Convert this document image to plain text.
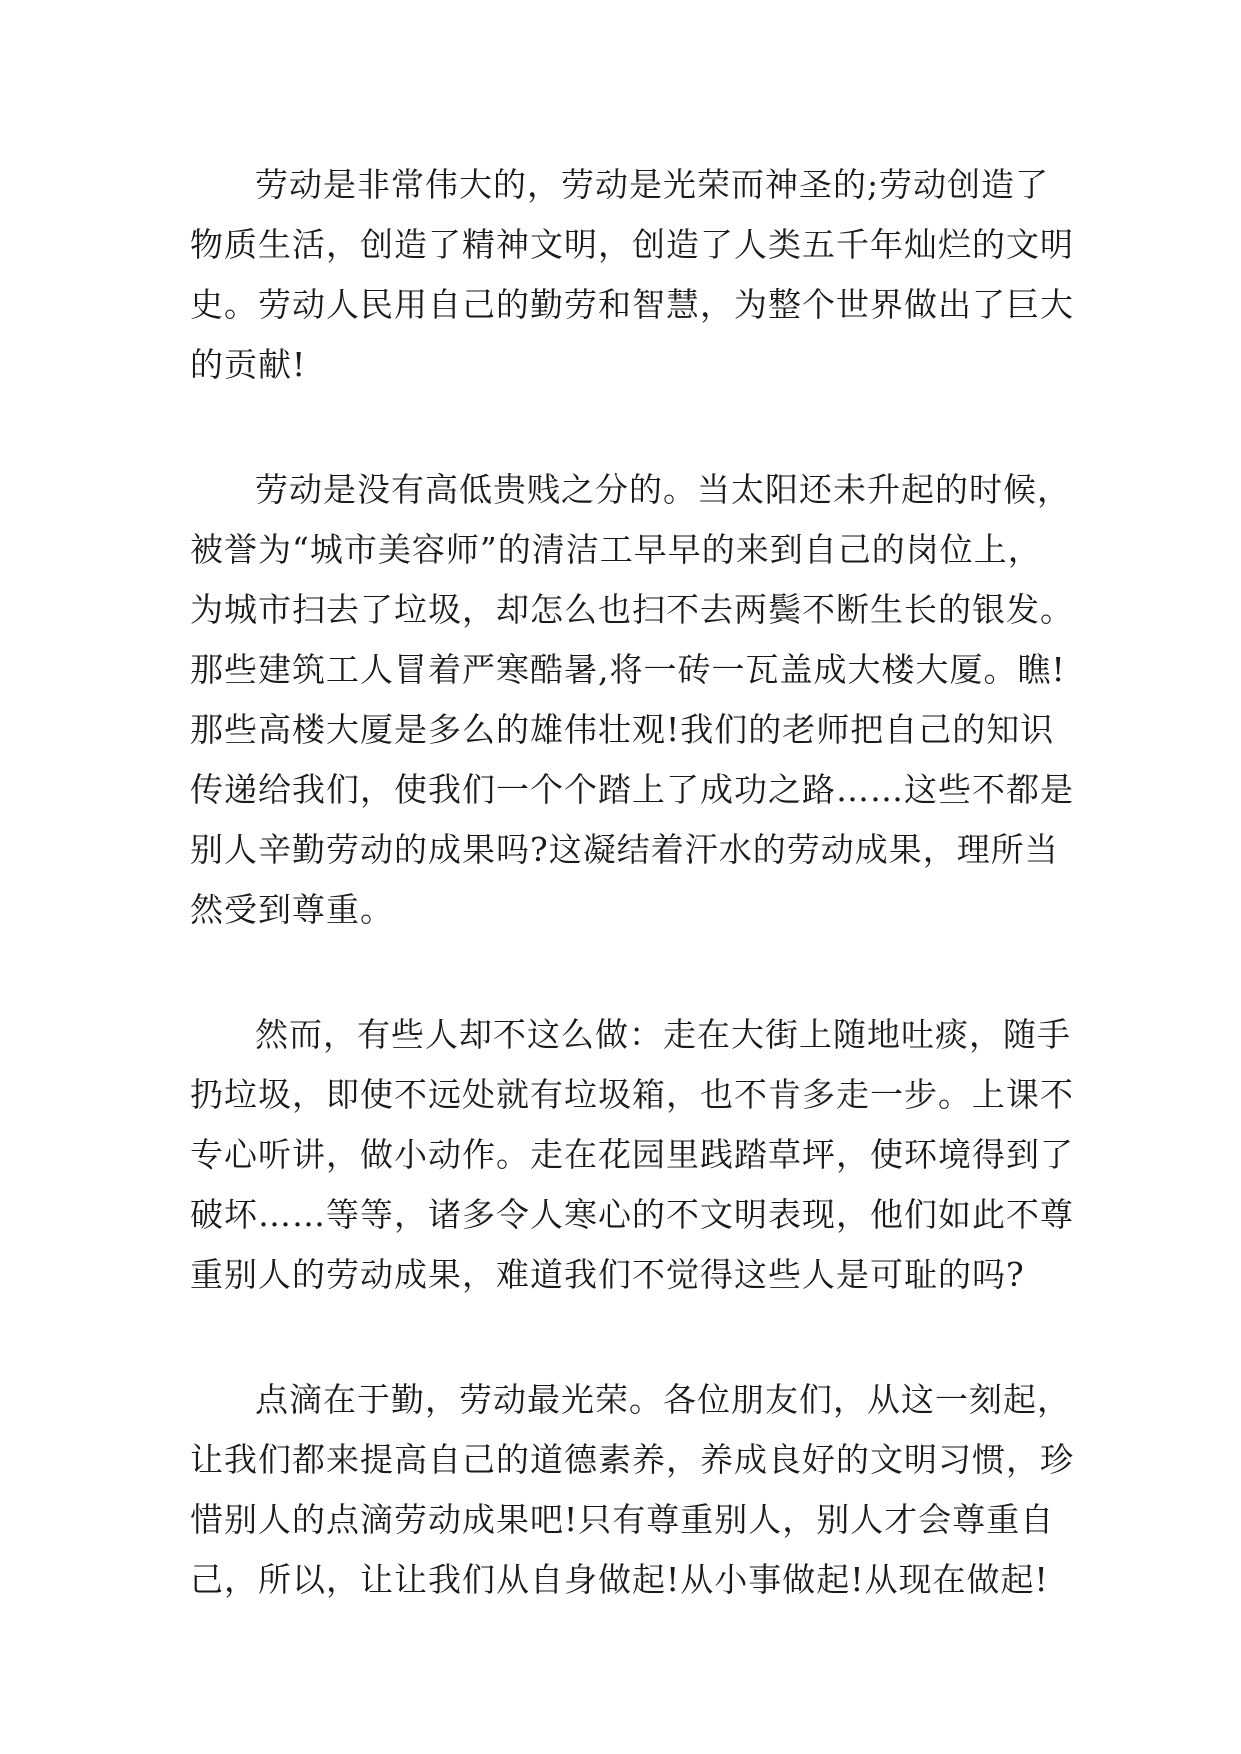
劳动是非常伟大的，劳动是光荣而神圣的;劳动创造了
物质生活，创造了精神文明，创造了人类五千年灿烂的文明
史。劳动人民用自己的勤劳和智慧，为整个世界做出了巨大
的贡献!
劳动是没有高低贵贱之分的。当太阳还未升起的时候，
被誉为“城市美容师”的清洁工早早的来到自己的岗位上，
为城市扫去了垃圾，却怎么也扫不去两鬓不断生长的银发。
那些建筑工人冒着严寒酷暑,将一砖一瓦盖成大楼大厦。瞧!
那些高楼大厦是多么的雄伟壮观!我们的老师把自己的知识
传递给我们，使我们一个个踏上了成功之路……这些不都是
别人辛勤劳动的成果吗?这凝结着汗水的劳动成果，理所当
然受到尊重。
然而，有些人却不这么做：走在大街上随地吐痰，随手
扔垃圾，即使不远处就有垃圾箱，也不肯多走一步。上课不
专心听讲，做小动作。走在花园里践踏草坪，使环境得到了
破坏……等等，诸多令人寒心的不文明表现，他们如此不尊
重别人的劳动成果，难道我们不觉得这些人是可耻的吗?
点滴在于勤，劳动最光荣。各位朋友们，从这一刻起，
让我们都来提高自己的道德素养，养成良好的文明习惯，珍
惜别人的点滴劳动成果吧!只有尊重别人，别人才会尊重自
己，所以，让让我们从自身做起!从小事做起!从现在做起!
